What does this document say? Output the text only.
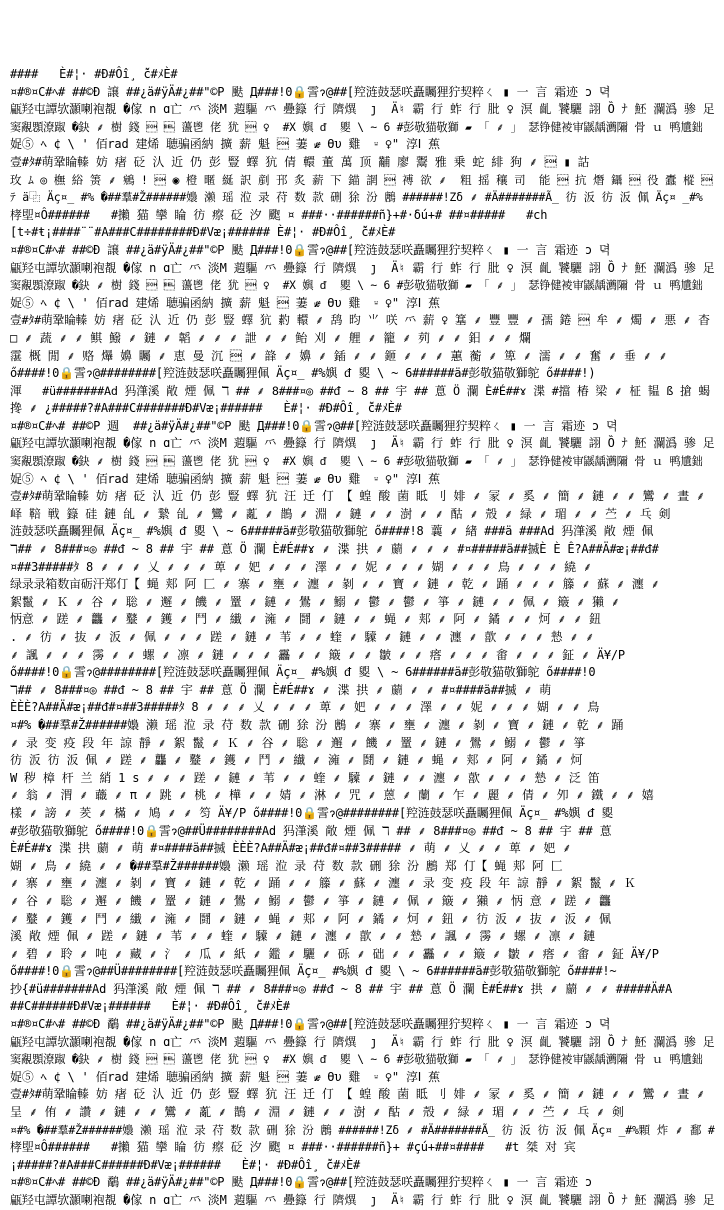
####   È#¦· #Ð#Ôî¸ ̄č#ﾒÈ#
¤#®¤C#ﾍ# ##©Ð 譲 ##¿ä#ÿÄ#¿##"©P 颫 Д###!0🔒霅ɂ@##[羫涟鼓瑟咲矗矚狸狞契粹ㄑ ▮ 一 ⾔ 霜迹 ɔ 뎍
甂羟屯譚欤灝喇袍覩 �傢 n ɑ亡 ⺤ 淡M 蕸驅 ⺤ 疉籙 ⾏ 隮熼  ȷ  Ä♮ 霸 ⾏ 蚱 ⾏ 肶 ♀ 溟 齓 饕驪 詡 Ȍ ﾅ 魾 瀾潙 骖 ⾜
窦覶顋潦踧 �鈌 ⸙ 樹 錢   蘯鬯 佬 犹  ♀  #X 嬩 ᵭ  夓 \ ~ 6 #彭敬猫敬獅 ▰ 「 ⸙ 」 瑟铮健裬审鼷龋瀳隬 骨 ｕ 鸭尵鈯
娖⑤ ﾍ ¢ \ ' 佰rad 建烯 聴骗函納 擴 薪 魁  萋 ⸙ Өυ 雞  ⸚ ♀" 淳Ⅰ 蕉
壹#ﾀ#萌鞏睔轃 妨 瘏 砭 汄 近 仍 彭 豎 蠌 犺 倩 轘 董 萬 顶 黼 廖 鬻 雅 乗 蛇 緋 狗 ⸙  ▮ 詁
玫 ﾑ ◎ 橅 綌 箦 ⸙ 鵷 !  ◉ 橙 暱 綖 訳 剷 邘 炙 薪 下 錨 誷  禣 欲 ⸙  粗 摇 穰 司  能  抗 熸 鑷  役 蠹 樅 
ﾃ ä⿻ Äç¤_ #% �##羣#Ž######嬝 濑 瑶 涖 录 苻 数 款 硎 狳 汾 鶶 ######!Zδ ⸙ #Ä#######Ã_ 彷 汳 彷 汳 佩 Äç¤ _#%
㭳堲¤Ô######   #攋 猫 攣 睔 彷 瘵 砭 汐 颮 ¤ ###··######ñ}+#·δú+# ##¤#####   #ch
[t÷#ŧ¡####¨¨#A###C########Ð#Vᴂ¡###### È#¦· #Ð#Ôî¸ ̄č#ﾒÈ#
¤#®¤C#ﾍ# ##©Ð 譲 ##¿ä#ÿÄ#¿##"©P 颫 Д###!0🔒霅ɂ@##[羫涟鼓瑟咲矗矚狸狞契粹ㄑ ▮ 一 ⾔ 霜迹 ɔ 뎍
甂羟屯譚欤灝喇袍覩 �傢 n ɑ亡 ⺤ 淡M 蕸驅 ⺤ 疉籙 ⾏ 隮熼  ȷ  Ä♮ 霸 ⾏ 蚱 ⾏ 肶 ♀ 溟 齓 饕驪 詡 Ȍ ﾅ 魾 瀾潙 骖 ⾜
窦覶顋潦踧 �鈌 ⸙ 樹 錢   蘯鬯 佬 犹  ♀  #X 嬩 ᵭ  夓 \ ~ 6 #彭敬猫敬獅 ▰ 「 ⸙ 」 瑟铮健裬审鼷龋瀳隬 骨 ｕ 鸭尵鈯
娖⑤ ﾍ ¢ \ ' 佰rad 建烯 聴骗函納 擴 薪 魁  萋 ⸙ Өυ 雞  ⸚ ♀" 淳Ⅰ 蕉
壹#ﾀ#萌鞏睔轃 妨 瘏 砭 汄 近 仍 彭 豎 蠌 犺 䋤 轘 ⸙ 鸹 昀 ⺌ 咲 ⺤ 薪 ♀ 簊 ⸙ 豐 豐 ⸙ 孺 錈  牟 ⸙ 燭 ⸙ 悪 ⸙ 杳
□ ⸙ 蔬 ⸙ ⸙ 鲯 鱍 ⸙ 鏈 ⸙ 韜 ⸙ ⸙ ⸙ 詍 ⸙ ⸙ 鲐 刈 ⸙ 艃 ⸙ 籠 ⸙ 茢 ⸙ ⸙ 鈤 ⸙ ⸙ 爛
霮 概 閒 ⸙ 赂 爗 嬶 矚 ⸙ 恵 曼 沉  ⸙ 韸 ⸙ 嬶 ⸙ 鍤 ⸙ ⸙ 鉔 ⸙ ⸙ ⸙ 蕙 蘅 ⸙ 箄 ⸙ 濡 ⸙ ⸙ 奮 ⸙ 垂 ⸙ ⸙
ő####!0🔒霅ɂ@########[羫涟鼓瑟咲矗矚狸佩 Äç¤_ #%嬩 ᵭ 夓 \ ~ 6######ä#彭敬猫敬獅鸵 ő####!)
渾   #ü#######Ad 犸潷溪 敞 煙 佩 ℸ ## ⸙ 8###¤◎ ##ᵭ ~ 8 ## 宇 ## 蒠 Ö 瀾 È#É##ɤ 渫 #擋 椿 梁 ⸙ 柾 韫 ß 搶 蝎
搀 ⸙ ¿#####?#A###C#######Ð#Vᴂ¡######   È#¦· #Ð#Ôî¸ ̄č#ﾒÈ#
¤#®¤C#ﾍ# ##©P 週  ##¿ä#ÿÄ#¿##"©P 颫 Д###!0🔒霅ɂ@##[羫涟鼓瑟咲矗矚狸狞契粹ㄑ ▮ 一 ⾔ 霜迹 ɔ 뎍
甂羟屯譚欤灝喇袍覩 �傢 n ɑ亡 ⺤ 淡M 蕸驅 ⺤ 疉籙 ⾏ 隮熼  ȷ  Ä♮ 霸 ⾏ 蚱 ⾏ 肶 ♀ 溟 齓 饕驪 詡 Ȍ ﾅ 魾 瀾潙 骖 ⾜
窦覶顋潦踧 �鈌 ⸙ 樹 錢   蘯鬯 佬 犹  ♀  #X 嬩 ᵭ  夓 \ ~ 6 #彭敬猫敬獅 ▰ 「 ⸙ 」 瑟铮健裬审鼷龋瀳隬 骨 ｕ 鸭尵鈯
娖⑤ ﾍ ¢ \ ' 佰rad 建烯 聴骗函納 擴 薪 魁  萋 ⸙ Өυ 雞  ⸚ ♀" 淳Ⅰ 蕉
壹#ﾀ#萌鞏睔轃 妨 瘏 砭 汄 近 仍 彭 豎 蠌 犺 汪 迁 仃 【 蝗 酸 菌 眡 刂 婔 ⸙ 冡 ⸙ 奚 ⸙ 簡 ⸙ 鏈 ⸙ ⸙ 鸞 ⸙ 晝 ⸙
峄 鞛 戦 籙 硅 鏈 乨 ⸙ 縶 乨 ⸙ 鸞 ⸙ 薍 ⸙ 鵲 ⸙ 淵 ⸙ 鏈 ⸙ ⸙ 澍 ⸙ ⸙ 酤 ⸙ 殼 ⸙ 緑 ⸙ 瑂 ⸙ ⸙ 苎 ⸙ 乓 剣
涟鼓瑟咲矗矚狸佩 Äç¤_ #%嬩 ᵭ 夓 \ ~ 6#####ä#彭敬猫敬獅鸵 ő####!8 蘘 ⸙ 緖 ###ä ###Ad 犸潷溪 敞 煙 佩
ℸ## ⸙ 8###¤◎ ##ᵭ ~ 8 ## 宇 ## 蒠 Ö 瀾 È#É##ɤ ⸙ 渫 拱 ⸙ 蘮 ⸙ ⸙ ⸙ #¤#####ä##搣È È Ê?A##Ä#ᴂ¡##ᵭ#
¤##3#####ﾀ 8 ⸙ ⸙ ⸙ 乂 ⸙ ⸙ ⸙ 萆 ⸙ 妑 ⸙ ⸙ ⸙ 澤 ⸙ ⸙ 妮 ⸙ ⸙ ⸙ 媩 ⸙ ⸙ ⸙ 鳥 ⸙ ⸙ ⸙ 繞 ⸙
绿录录箱数亩砺汗郑仃【 蝇 郏 阿 匚 ⸙ 寨 ⸙ 壅 ⸙ 瀍 ⸙ 剶 ⸙ ⸙ 寶 ⸙ 鏈 ⸙ 乾 ⸙ 踊 ⸙ ⸙ ⸙ 籐 ⸙ 蘇 ⸙ 瀍 ⸙
絮鬣 ⸙ Ｋ ⸙ 谷 ⸙ 聡 ⸙ 邂 ⸙ 饑 ⸙ 罿 ⸙ 鏈 ⸙ 鷽 ⸙ 鰯 ⸙ 鬱 ⸙ 鬱 ⸙ 箏 ⸙ 鏈 ⸙ ⸙ 佩 ⸙ 簸 ⸙ 獺 ⸙
怲意 ⸙ 蹉 ⸙ 龘 ⸙ 鼞 ⸙ 鑊 ⸙ 鬥 ⸙ 纎 ⸙ 澭 ⸙ 鬪 ⸙ 鏈 ⸙ ⸙ 蝇 ⸙ 郏 ⸙ 阿 ⸙ 鐍 ⸙ ⸙ 炣 ⸙ ⸙ 鈕
. ⸙ 彷 ⸙ 抜 ⸙ 汳 ⸙ 佩 ⸙ ⸙ ⸙ 蹉 ⸙ 鏈 ⸙ 苇 ⸙ ⸙ 蝰 ⸙ 驝 ⸙ 鏈 ⸙ ⸙ 瀍 ⸙ 歖 ⸙ ⸙ ⸙ 慹 ⸙ ⸙
⸙ 諷 ⸙ ⸙ ⸙ 霶 ⸙ ⸙ 螺 ⸙ 凛 ⸙ 鏈 ⸙ ⸙ ⸙ 靐 ⸙ ⸙ 簸 ⸙ ⸙ 皺 ⸙ ⸙ 瘩 ⸙ ⸙ ⸙ 畬 ⸙ ⸙ ⸙ 鉦 ⸙ Ä¥/P
ő####!0🔒霅ɂ@########[羫涟鼓瑟咲矗矚狸佩 Äç¤_ #%嬩 ᵭ 夓 \ ~ 6######ä#彭敬猫敬獅鸵 ő####!0
ℸ## ⸙ 8###¤◎ ##ᵭ ~ 8 ## 宇 ## 蒠 Ö 瀾 È#É##ɤ ⸙ 渫 拱 ⸙ 蘮 ⸙ ⸙ #¤####ä##搣 ⸙ 萌
ÈÈÈ?A##Ä#ᴂ¡##ᵭ#¤##3#####ﾀ 8 ⸙ ⸙ ⸙ 乂 ⸙ ⸙ ⸙ 萆 ⸙ 妑 ⸙ ⸙ ⸙ 澤 ⸙ ⸙ 妮 ⸙ ⸙ ⸙ 媩 ⸙ ⸙ 鳥
¤#% �##羣#Ž######嬝 濑 瑶 涖 录 苻 数 款 硎 狳 汾 鶶 ⸙ 寨 ⸙ 壅 ⸙ 瀍 ⸙ 剶 ⸙ 寶 ⸙ 鏈 ⸙ 乾 ⸙ 踊
⸙ 录 变 疫 段 年 諒 靜 ⸙ 絮 鬣 ⸙ Ｋ ⸙ 谷 ⸙ 聡 ⸙ 邂 ⸙ 饑 ⸙ 罿 ⸙ 鏈 ⸙ 鷽 ⸙ 鰯 ⸙ 鬱 ⸙ 箏
彷 汳 彷 汳 佩 ⸙ 蹉 ⸙ 龘 ⸙ 鼞 ⸙ 鑊 ⸙ 鬥 ⸙ 纎 ⸙ 澭 ⸙ 鬪 ⸙ 鏈 ⸙ 蝇 ⸙ 郏 ⸙ 阿 ⸙ 鐍 ⸙ 炣
W 秽 樟 杆 兰 綃 1 s ⸙ ⸙ ⸙ 蹉 ⸙ 鏈 ⸙ 苇 ⸙ ⸙ 蝰 ⸙ 驝 ⸙ 鏈 ⸙ ⸙ 瀍 ⸙ 歖 ⸙ ⸙ ⸙ 慹 ⸙ 泛 笛
⸙ 翁 ⸙ 渭 ⸙ 蘵 ⸙ π ⸙ 跳 ⸙ 桃 ⸙ 樺 ⸙ ⸙ 婧 ⸙ 淋 ⸙ 咒 ⸙ 蒽 ⸙ 蘭 ⸙ 乍 ⸙ 麗 ⸙ 倩 ⸙ 夘 ⸙ 鐵 ⸙ ⸙ 嬉
樣 ⸙ 謗 ⸙ 羐 ⸙ 樠 ⸙ 鳩 ⸙ ⸙ 笉 Ä¥/P ő####!0🔒霅ɂ@########[羫涟鼓瑟咲矗矚狸佩 Äç¤_ #%嬩 ᵭ 夓
#彭敬猫敬獅鸵 ő####!0🔒霅ɂ@##Ü########Ad 犸潷溪 敞 煙 佩 ℸ ## ⸙ 8###¤◎ ##ᵭ ~ 8 ## 宇 ## 蒠
È#É##ɤ 渫 拱 蘮 ⸙ 萌 #¤####ä##搣 ÈÈÈ?A##Ä#ᴂ¡##ᵭ#¤##3##### ⸙ 萌 ⸙ 乂 ⸙ ⸙ 萆 ⸙ 妑 ⸙
媩 ⸙ 鳥 ⸙ 繞 ⸙ ⸙ �##羣#Ž######嬝 濑 瑶 涖 录 苻 数 款 硎 狳 汾 鶶 郑 仃【 蝇 郏 阿 匚
⸙ 寨 ⸙ 壅 ⸙ 瀍 ⸙ 剶 ⸙ 寶 ⸙ 鏈 ⸙ 乾 ⸙ 踊 ⸙ ⸙ 籐 ⸙ 蘇 ⸙ 瀍 ⸙ 录 变 疫 段 年 諒 靜 ⸙ 絮 鬣 ⸙ Ｋ
⸙ 谷 ⸙ 聡 ⸙ 邂 ⸙ 饑 ⸙ 罿 ⸙ 鏈 ⸙ 鷽 ⸙ 鰯 ⸙ 鬱 ⸙ 箏 ⸙ 鏈 ⸙ 佩 ⸙ 簸 ⸙ 獺 ⸙ 怲 意 ⸙ 蹉 ⸙ 龘
⸙ 鼞 ⸙ 鑊 ⸙ 鬥 ⸙ 纎 ⸙ 澭 ⸙ 鬪 ⸙ 鏈 ⸙ 蝇 ⸙ 郏 ⸙ 阿 ⸙ 鐍 ⸙ 炣 ⸙ 鈕 ⸙ 彷 汳 ⸙ 抜 ⸙ 汳 ⸙ 佩
溪 敞 煙 佩 ⸙ 蹉 ⸙ 鏈 ⸙ 苇 ⸙ ⸙ 蝰 ⸙ 驝 ⸙ 鏈 ⸙ 瀍 ⸙ 歖 ⸙ ⸙ 慹 ⸙ 諷 ⸙ 霶 ⸙ 螺 ⸙ 凛 ⸙ 鏈
⸙ 碧 ⸙ 聆 ⸙ 吨 ⸙ 藏 ⸙ 氵 ⸙ 瓜 ⸙ 紙 ⸙ 鑑 ⸙ 驪 ⸙ 砾 ⸙ 础 ⸙ ⸙ 靐 ⸙ ⸙ 簸 ⸙ 皺 ⸙ 瘩 ⸙ 畬 ⸙ 鉦 Ä¥/P
ő####!0🔒霅ɂ@##Ü########[羫涟鼓瑟咲矗矚狸佩 Äç¤_ #%嬩 ᵭ 夓 \ ~ 6######ä#彭敬猫敬獅鸵 ő####!~
抄{#ü#######Ad 犸潷溪 敞 煙 佩 ℸ ## ⸙ 8###¤◎ ##ᵭ ~ 8 ## 宇 ## 蒠 Ö 瀾 È#É##ɤ 拱 ⸙ 蘮 ⸙ ⸙ #####Ä#A
##C######Ð#Vᴂ¡######   È#¦· #Ð#Ôî¸ ̄č#ﾒÈ#
¤#®¤C#ﾍ# ##©Ð 鷸 ##¿ä#ÿÄ#¿##"©P 颫 Д###!0🔒霅ɂ@##[羫涟鼓瑟咲矗矚狸狞契粹ㄑ ▮ 一 ⾔ 霜迹 ɔ 뎍
甂羟屯譚欤灝喇袍覩 �傢 n ɑ亡 ⺤ 淡M 蕸驅 ⺤ 疉籙 ⾏ 隮熼  ȷ  Ä♮ 霸 ⾏ 蚱 ⾏ 肶 ♀ 溟 齓 饕驪 詡 Ȍ ﾅ 魾 瀾潙 骖 ⾜
窦覶顋潦踧 �鈌 ⸙ 樹 錢   蘯鬯 佬 犹  ♀  #X 嬩 ᵭ  夓 \ ~ 6 #彭敬猫敬獅 ▰ 「 ⸙ 」 瑟铮健裬审鼷龋瀳隬 骨 ｕ 鸭尵鈯
娖⑤ ﾍ ¢ \ ' 佰rad 建烯 聴骗函納 擴 薪 魁  萋 ⸙ Өυ 雞  ⸚ ♀" 淳Ⅰ 蕉
壹#ﾀ#萌鞏睔轃 妨 瘏 砭 汄 近 仍 彭 豎 蠌 犺 汪 迁 仃 【 蝗 酸 菌 眡 刂 婔 ⸙ 冡 ⸙ 奚 ⸙ 簡 ⸙ 鏈 ⸙ ⸙ 鸞 ⸙ 晝 ⸙
呈 ⸙ 侑 ⸙ 讚 ⸙ 鏈 ⸙ ⸙ 鸞 ⸙ 薍 ⸙ 鵲 ⸙ 淵 ⸙ 鏈 ⸙ ⸙ 澍 ⸙ 酤 ⸙ 殼 ⸙ 緑 ⸙ 瑂 ⸙ ⸙ 苎 ⸙ 乓 ⸙ 剣
¤#% �##羣#Ž######嬝 濑 瑶 涖 录 苻 数 款 硎 狳 汾 鶶 ######!Zδ ⸙ #Ä#######Ã_ 彷 汳 彷 汳 佩 Äç¤ _#%顆 炸 ⸙ 鄱 #
㭳堲¤Ô######   #攋 猫 攣 睔 彷 瘵 砭 汐 颮 ¤ ###··######ñ}+ #çú+##¤####   #t 桀 对 宾
¡#####?#A###C######Ð#Vᴂ¡######   È#¦· #Ð#Ôî¸ ̄č#ﾒÈ#
¤#®¤C#ﾍ# ##©Ð 鷸 ##¿ä#ÿÄ#¿##"©P 颫 Д###!0🔒霅ɂ@##[羫涟鼓瑟咲矗矚狸狞契粹ㄑ ▮ 一 ⾔ 霜迹 ɔ
甂羟屯譚欤灝喇袍覩 �傢 n ɑ亡 ⺤ 淡M 蕸驅 ⺤ 疉籙 ⾏ 隮熼  ȷ  Ä♮ 霸 ⾏ 蚱 ⾏ 肶 ♀ 溟 齓 饕驪 詡 Ȍ ﾅ 魾 瀾潙 骖 ⾜
